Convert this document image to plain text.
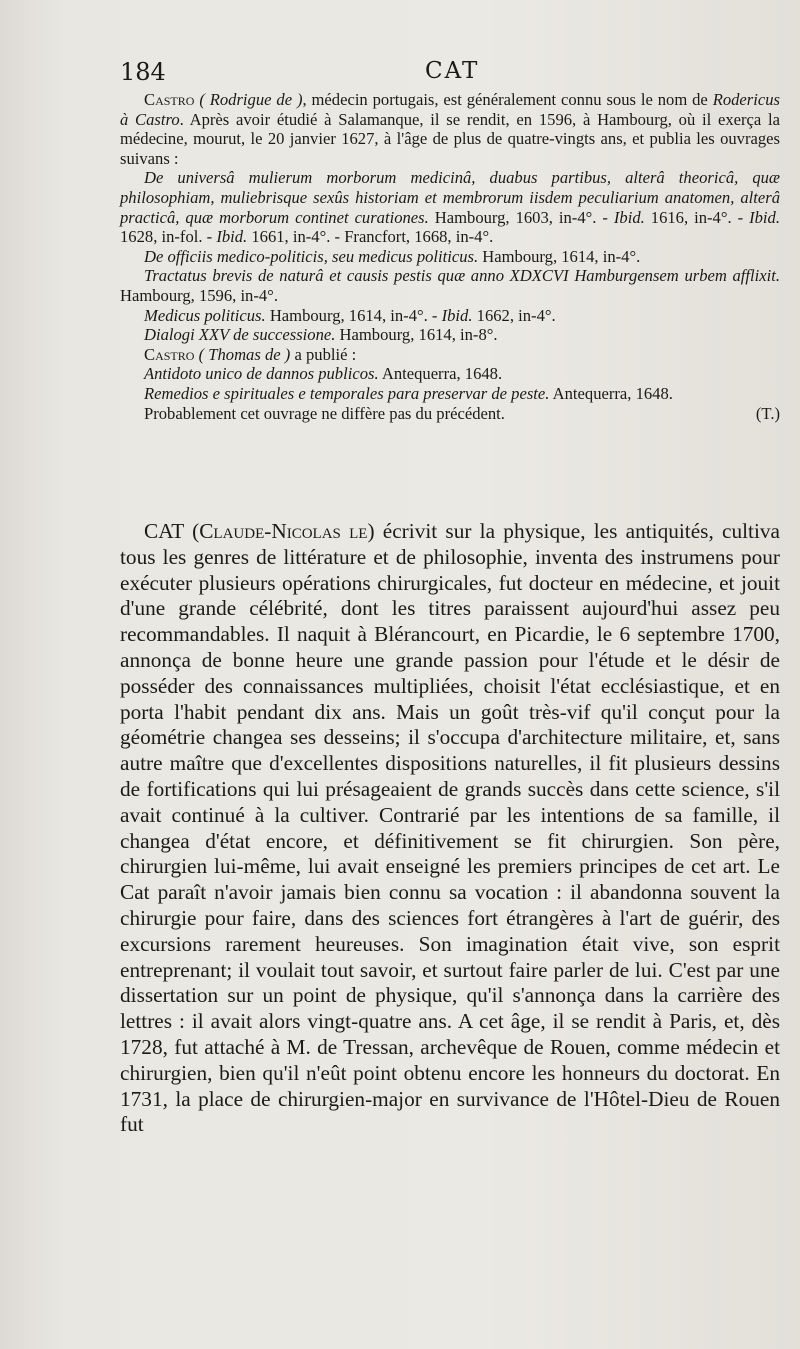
184	CAT

Castro ( Rodrigue de ), médecin portugais, est généralement connu sous le nom de Rodericus à Castro. Après avoir étudié à Salamanque, il se rendit, en 1596, à Hambourg, où il exerça la médecine, mourut, le 20 janvier 1627, à l'âge de plus de quatre-vingts ans, et publia les ouvrages suivans :

De universâ mulierum morborum medicinâ, duabus partibus, alterâ theoricâ, quæ philosophiam, muliebrisque sexûs historiam et membrorum iisdem peculiarium anatomen, alterâ practicâ, quæ morborum continet curationes. Hambourg, 1603, in-4°. - Ibid. 1616, in-4°. - Ibid. 1628, in-fol. - Ibid. 1661, in-4°. - Francfort, 1668, in-4°.

De officiis medico-politicis, seu medicus politicus. Hambourg, 1614, in-4°.

Tractatus brevis de naturâ et causis pestis quæ anno XDXCVI Hamburgensem urbem afflixit. Hambourg, 1596, in-4°.

Medicus politicus. Hambourg, 1614, in-4°. - Ibid. 1662, in-4°.

Dialogi XXV de successione. Hambourg, 1614, in-8°.

Castro ( Thomas de ) a publié :

Antidoto unico de dannos publicos. Antequerra, 1648.

Remedios e spirituales e temporales para preservar de peste. Antequerra, 1648.

Probablement cet ouvrage ne diffère pas du précédent.	(T.)

CAT (Claude-Nicolas le) écrivit sur la physique, les antiquités, cultiva tous les genres de littérature et de philosophie, inventa des instrumens pour exécuter plusieurs opérations chirurgicales, fut docteur en médecine, et jouit d'une grande célébrité, dont les titres paraissent aujourd'hui assez peu recommandables. Il naquit à Blérancourt, en Picardie, le 6 septembre 1700, annonça de bonne heure une grande passion pour l'étude et le désir de posséder des connaissances multipliées, choisit l'état ecclésiastique, et en porta l'habit pendant dix ans. Mais un goût très-vif qu'il conçut pour la géométrie changea ses desseins; il s'occupa d'architecture militaire, et, sans autre maître que d'excellentes dispositions naturelles, il fit plusieurs dessins de fortifications qui lui présageaient de grands succès dans cette science, s'il avait continué à la cultiver. Contrarié par les intentions de sa famille, il changea d'état encore, et définitivement se fit chirurgien. Son père, chirurgien lui-même, lui avait enseigné les premiers principes de cet art. Le Cat paraît n'avoir jamais bien connu sa vocation : il abandonna souvent la chirurgie pour faire, dans des sciences fort étrangères à l'art de guérir, des excursions rarement heureuses. Son imagination était vive, son esprit entreprenant; il voulait tout savoir, et surtout faire parler de lui. C'est par une dissertation sur un point de physique, qu'il s'annonça dans la carrière des lettres : il avait alors vingt-quatre ans. A cet âge, il se rendit à Paris, et, dès 1728, fut attaché à M. de Tressan, archevêque de Rouen, comme médecin et chirurgien, bien qu'il n'eût point obtenu encore les honneurs du doctorat. En 1731, la place de chirurgien-major en survivance de l'Hôtel-Dieu de Rouen fut
